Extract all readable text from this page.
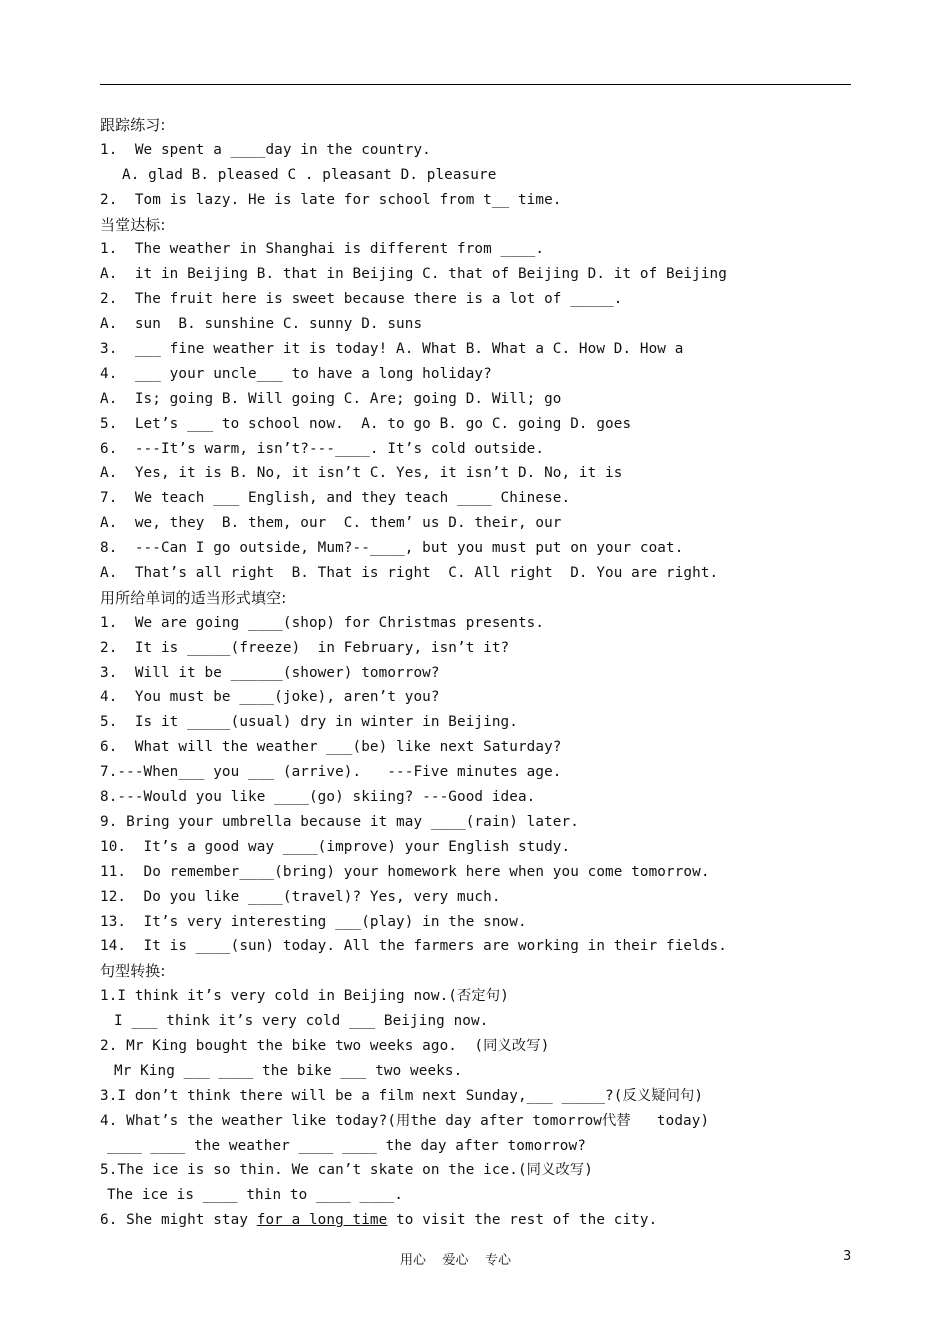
跟踪练习:
1.  We spent a ____day in the country.
A. glad B. pleased C . pleasant D. pleasure
2.  Tom is lazy. He is late for school from t__ time.
当堂达标:
1.  The weather in Shanghai is different from ____.
A.  it in Beijing B. that in Beijing C. that of Beijing D. it of Beijing
2.  The fruit here is sweet because there is a lot of _____.
A.  sun  B. sunshine C. sunny D. suns
3.  ___ fine weather it is today! A. What B. What a C. How D. How a
4.  ___ your uncle___ to have a long holiday?
A.  Is; going B. Will going C. Are; going D. Will; go
5.  Let’s ___ to school now.  A. to go B. go C. going D. goes
6.  ---It’s warm, isn’t?---____. It’s cold outside.
A.  Yes, it is B. No, it isn’t C. Yes, it isn’t D. No, it is
7.  We teach ___ English, and they teach ____ Chinese.
A.  we, they  B. them, our  C. them’ us D. their, our
8.  ---Can I go outside, Mum?--____, but you must put on your coat.
A.  That’s all right  B. That is right  C. All right  D. You are right.
用所给单词的适当形式填空:
1.  We are going ____(shop) for Christmas presents.
2.  It is _____(freeze)  in February, isn’t it?
3.  Will it be ______(shower) tomorrow?
4.  You must be ____(joke), aren’t you?
5.  Is it _____(usual) dry in winter in Beijing.
6.  What will the weather ___(be) like next Saturday?
7.---When___ you ___ (arrive).   ---Five minutes age.
8.---Would you like ____(go) skiing? ---Good idea.
9. Bring your umbrella because it may ____(rain) later.
10.  It’s a good way ____(improve) your English study.
11.  Do remember____(bring) your homework here when you come tomorrow.
12.  Do you like ____(travel)? Yes, very much.
13.  It’s very interesting ___(play) in the snow.
14.  It is ____(sun) today. All the farmers are working in their fields.
句型转换:
1.I think it’s very cold in Beijing now.(否定句)
I ___ think it’s very cold ___ Beijing now.
2. Mr King bought the bike two weeks ago.  (同义改写)
Mr King ___ ____ the bike ___ two weeks.
3.I don’t think there will be a film next Sunday,___ _____?(反义疑问句)
4. What’s the weather like today?(用the day after tomorrow代替   today)
____ ____ the weather ____ ____ the day after tomorrow?
5.The ice is so thin. We can’t skate on the ice.(同义改写)
The ice is ____ thin to ____ ____.
6. She might stay for a long time to visit the rest of the city.
用心    爱心    专心	3
